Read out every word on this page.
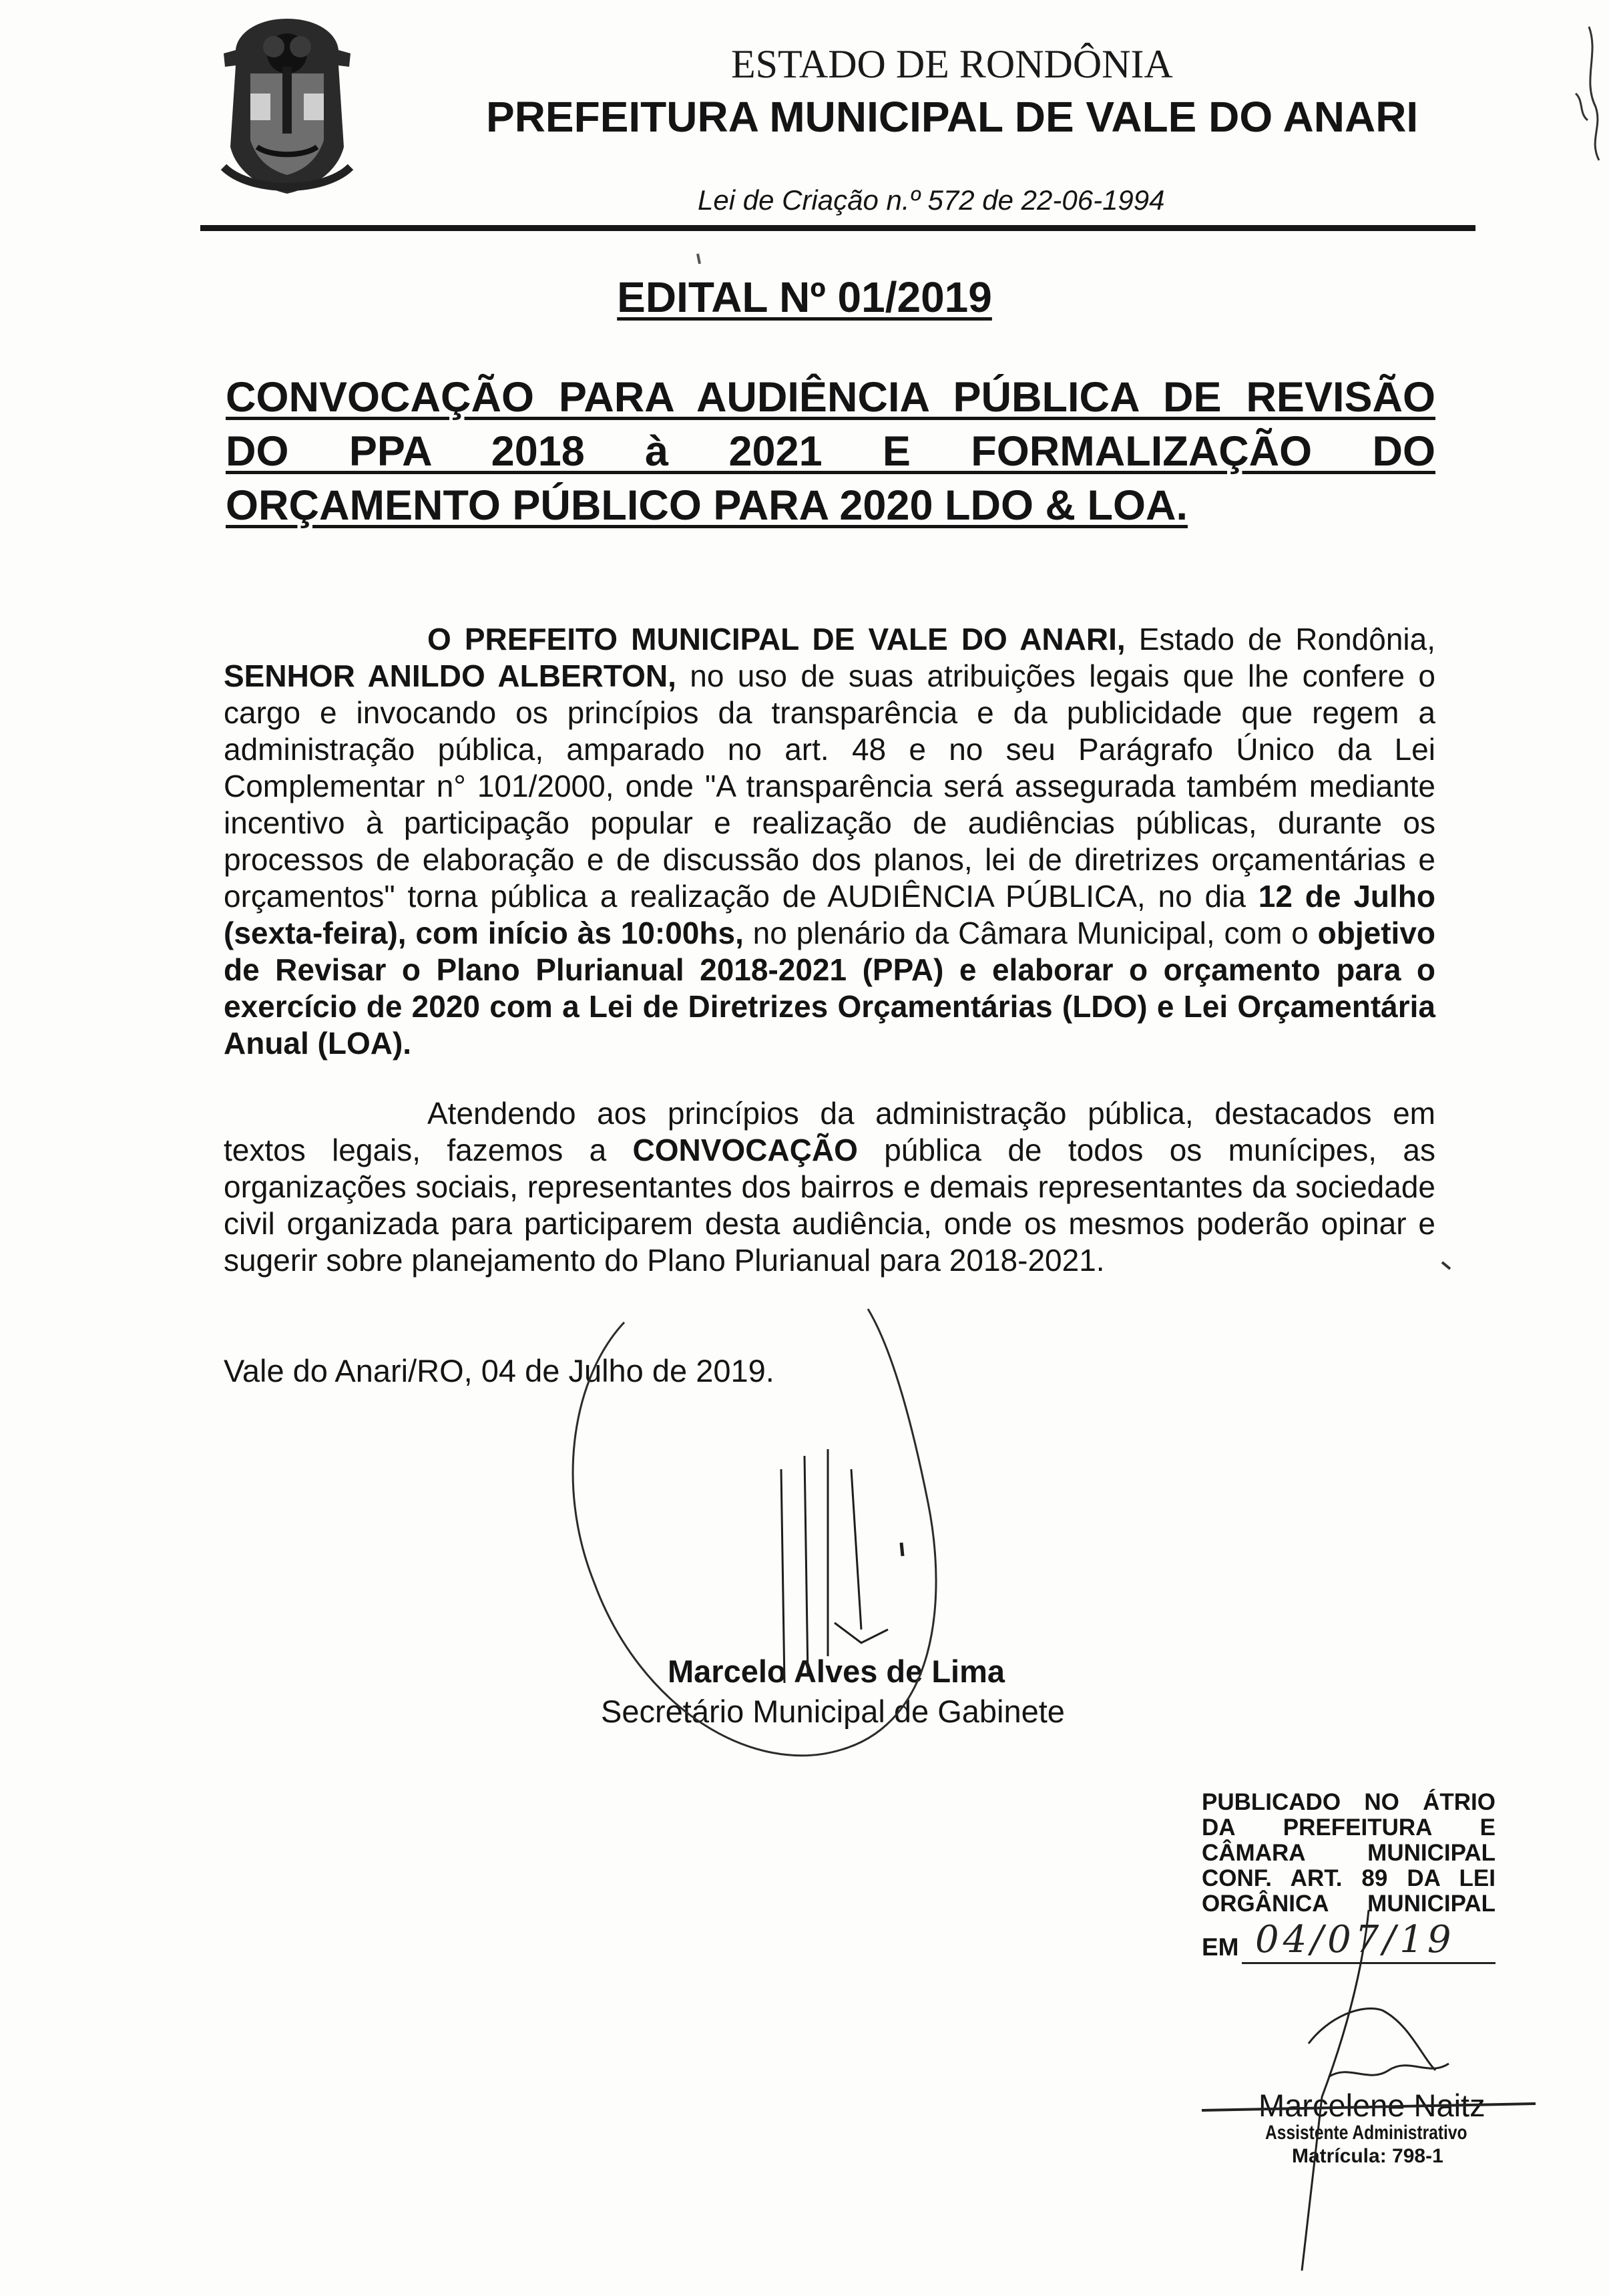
ESTADO DE RONDÔNIA
PREFEITURA MUNICIPAL DE VALE DO ANARI
Lei de Criação n.º 572 de 22-06-1994
EDITAL Nº 01/2019
CONVOCAÇÃO PARA AUDIÊNCIA PÚBLICA DE REVISÃO
DO PPA 2018 à 2021 E FORMALIZAÇÃO DO
ORÇAMENTO PÚBLICO PARA 2020 LDO & LOA.
O PREFEITO MUNICIPAL DE VALE DO ANARI, Estado de Rondônia, SENHOR ANILDO ALBERTON, no uso de suas atribuições legais que lhe confere o cargo e invocando os princípios da transparência e da publicidade que regem a administração pública, amparado no art. 48 e no seu Parágrafo Único da Lei Complementar n° 101/2000, onde "A transparência será assegurada também mediante incentivo à participação popular e realização de audiências públicas, durante os processos de elaboração e de discussão dos planos, lei de diretrizes orçamentárias e orçamentos" torna pública a realização de AUDIÊNCIA PÚBLICA, no dia 12 de Julho (sexta-feira), com início às 10:00hs, no plenário da Câmara Municipal, com o objetivo de Revisar o Plano Plurianual 2018-2021 (PPA) e elaborar o orçamento para o exercício de 2020 com a Lei de Diretrizes Orçamentárias (LDO) e Lei Orçamentária Anual (LOA).
Atendendo aos princípios da administração pública, destacados em textos legais, fazemos a CONVOCAÇÃO pública de todos os munícipes, as organizações sociais, representantes dos bairros e demais representantes da sociedade civil organizada para participarem desta audiência, onde os mesmos poderão opinar e sugerir sobre planejamento do Plano Plurianual para 2018-2021.
Vale do Anari/RO, 04 de Julho de 2019.
Marcelo Alves de Lima
Secretário Municipal de Gabinete
PUBLICADO NO ÁTRIO
DA PREFEITURA E
CÂMARA MUNICIPAL
CONF. ART. 89 DA LEI
ORGÂNICA MUNICIPAL
EM 04/07/19
Marcelene Naitz
Assistente Administrativo
Matrícula: 798-1
